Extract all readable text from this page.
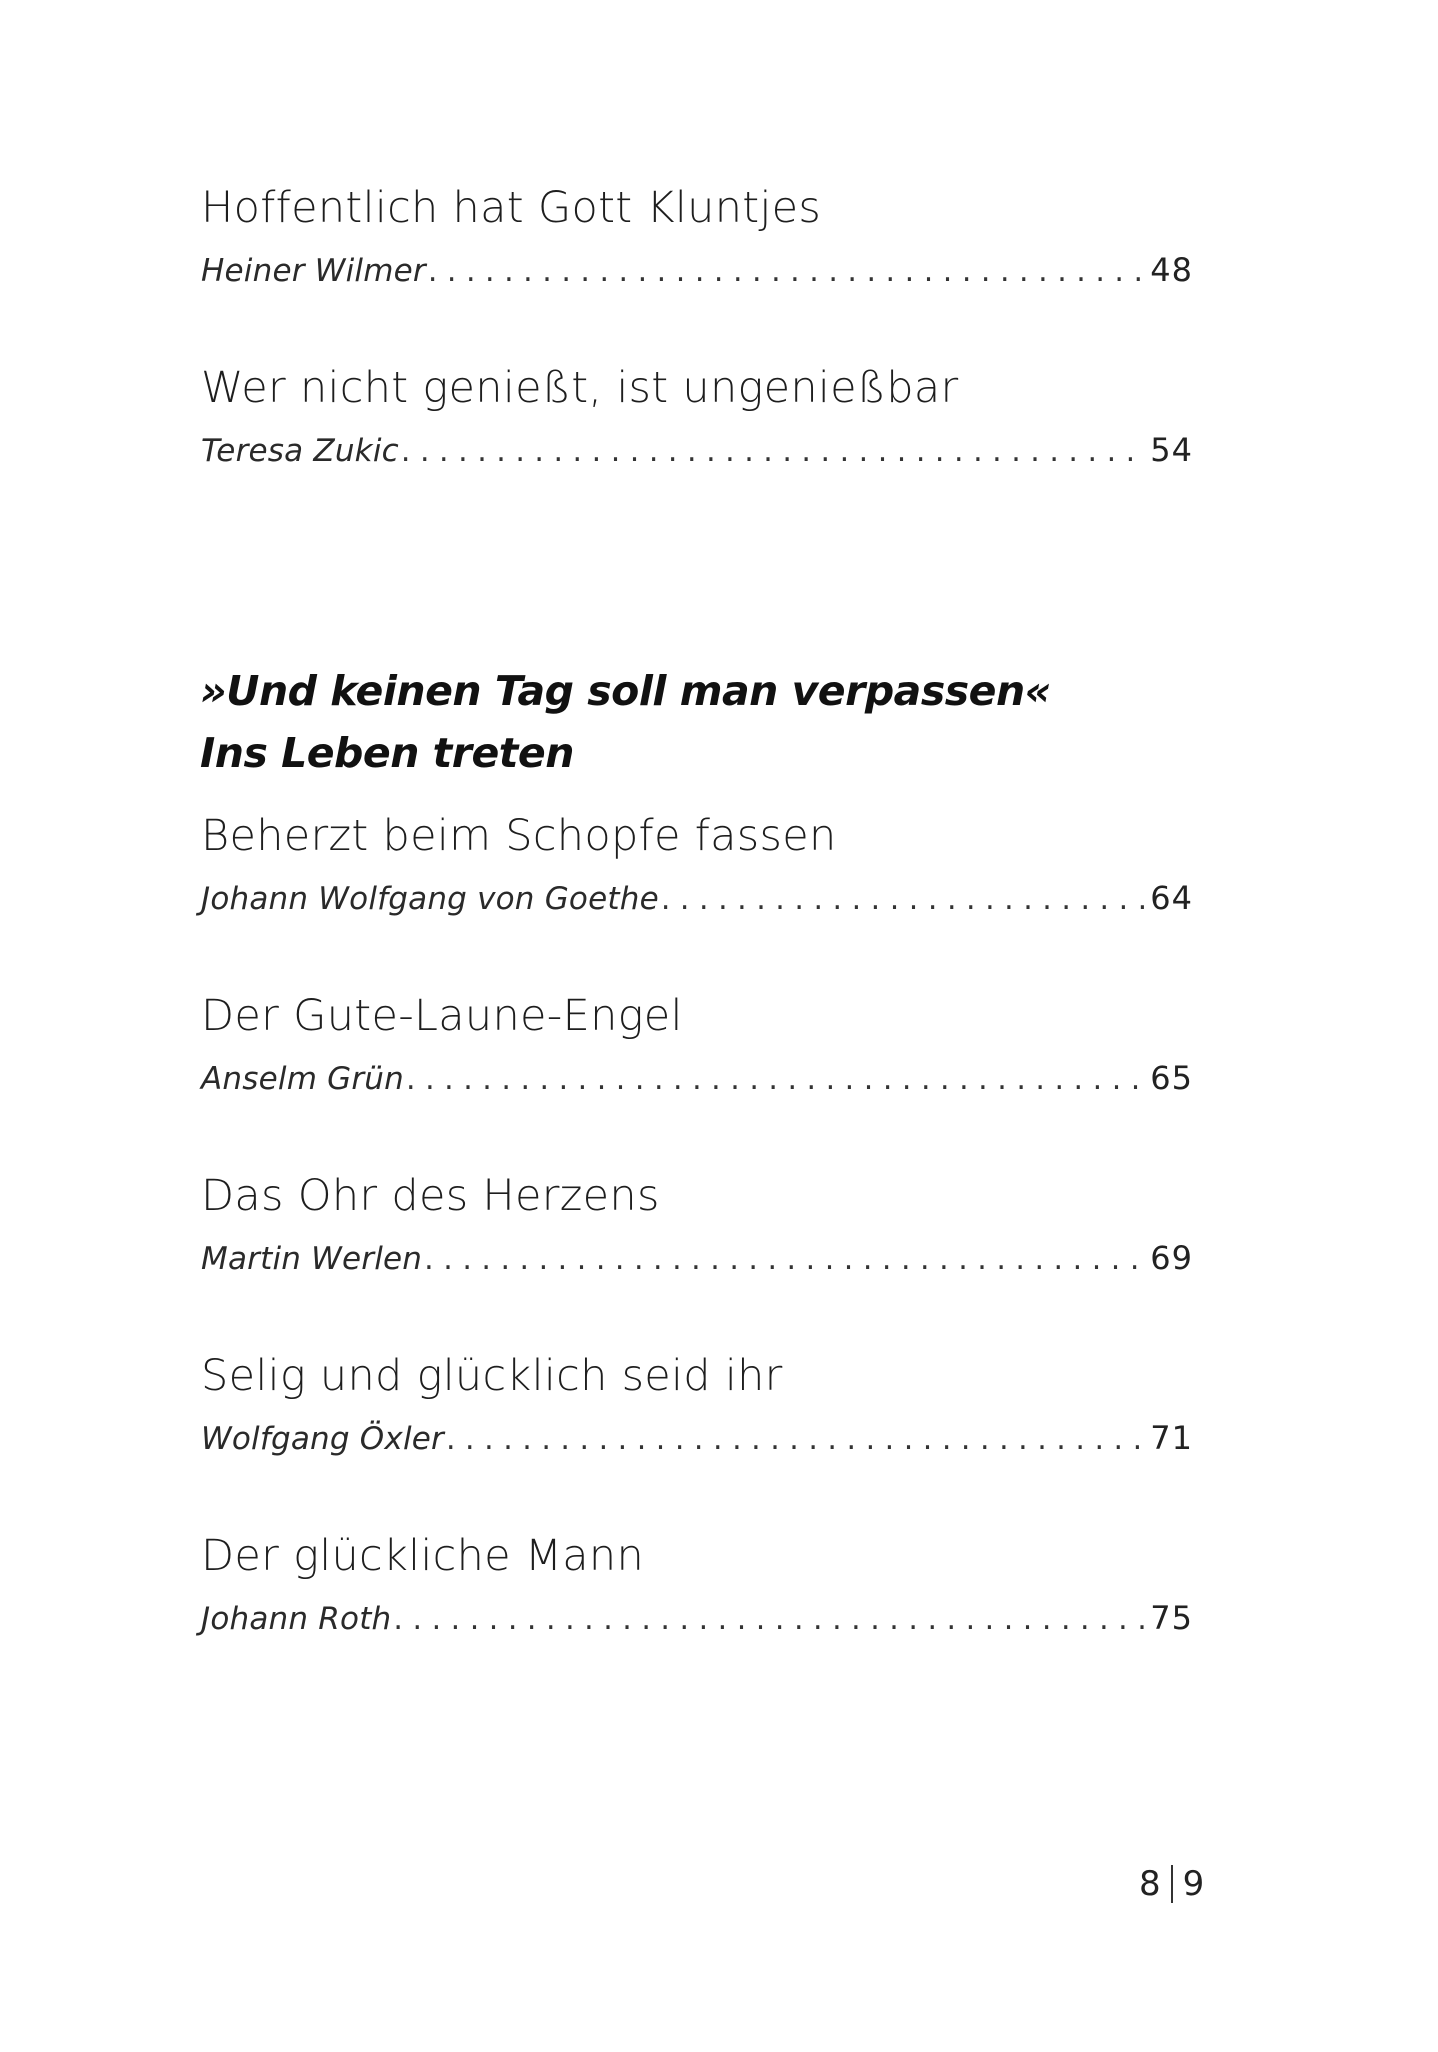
Hoffentlich hat Gott Kluntjes
Heiner Wilmer . . .	48
Wer nicht genießt, ist ungenießbar
Teresa Zukic . . .	54
»Und keinen Tag soll man verpassen«
Ins Leben treten
Beherzt beim Schopfe fassen
Johann Wolfgang von Goethe . . .	64
Der Gute-Laune-Engel
Anselm Grün . . .	65
Das Ohr des Herzens
Martin Werlen . . .	69
Selig und glücklich seid ihr
Wolfgang Öxler . . .	71
Der glückliche Mann
Johann Roth . . .	75
8 9
